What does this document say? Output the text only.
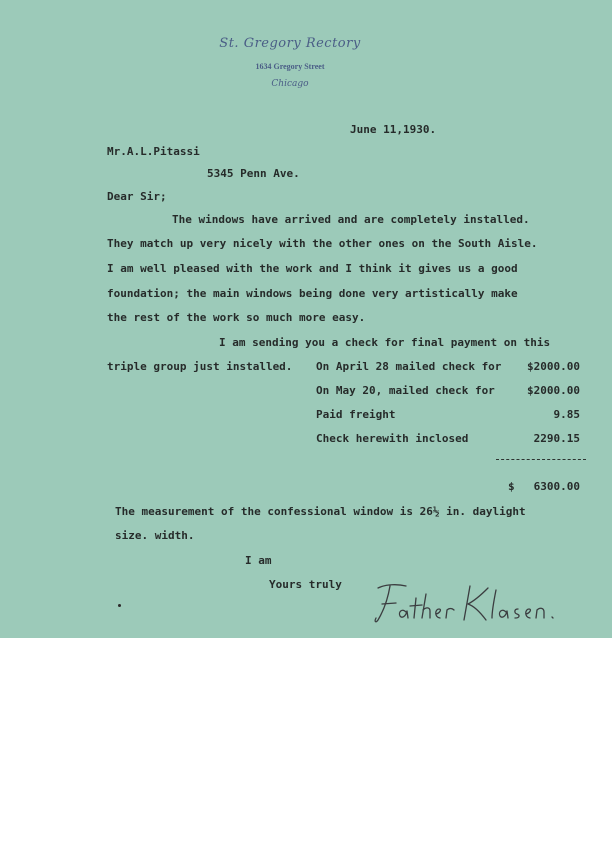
St. Gregory Rectory
1634 Gregory Street
Chicago
June 11,1930.
Mr.A.L.Pitassi
5345 Penn Ave.
Dear Sir;
The windows have arrived and are completely installed.
They match up very nicely with the other ones on the South Aisle.
I am well pleased with the work and I think it gives us a good
foundation; the main windows being done very artistically make
the rest of the work so much more easy.
I am sending you a check for final payment on this
triple group just installed. On April 28 mailed check for	$2000.00
On May 20, mailed check for	$2000.00
Paid freight	9.85
Check herewith inclosed	2290.15
$	6300.00
The measurement of the confessional window is 26½ in. daylight
size. width.
I am
Yours truly
